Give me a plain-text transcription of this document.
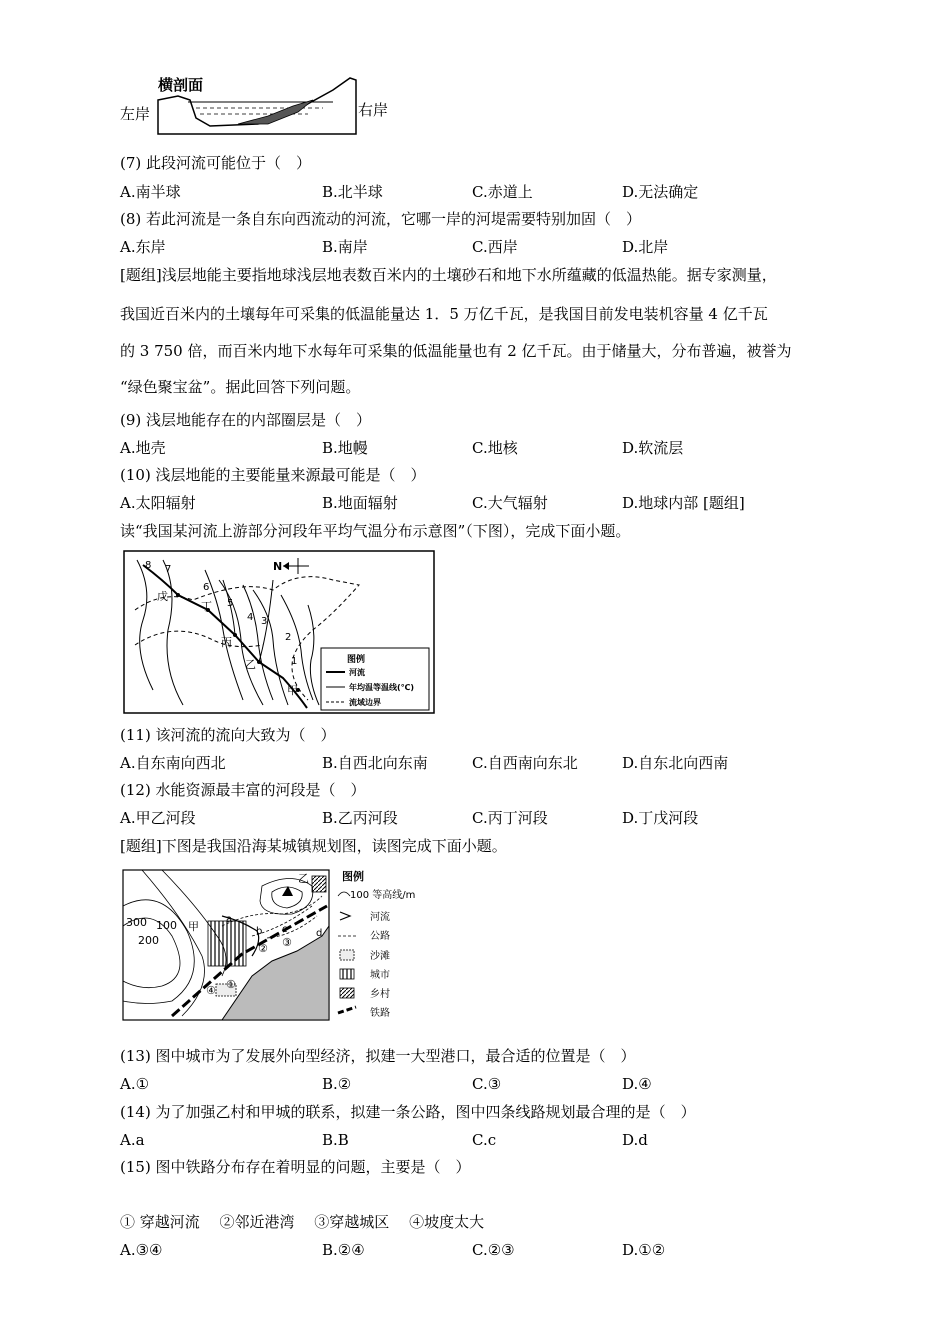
横剖面
左岸	右岸
(7) 此段河流可能位于（　）
A.南半球	B.北半球	C.赤道上	D.无法确定
(8) 若此河流是一条自东向西流动的河流，它哪一岸的河堤需要特别加固（　）
A.东岸	B.南岸	C.西岸	D.北岸
[题组]浅层地能主要指地球浅层地表数百米内的土壤砂石和地下水所蕴藏的低温热能。据专家测量，
我国近百米内的土壤每年可采集的低温能量达 1．5 万亿千瓦，是我国目前发电装机容量 4 亿千瓦
的 3 750 倍，而百米内地下水每年可采集的低温能量也有 2 亿千瓦。由于储量大，分布普遍，被誉为
“绿色聚宝盆”。据此回答下列问题。
(9) 浅层地能存在的内部圈层是（　）
A.地壳	B.地幔	C.地核	D.软流层
(10) 浅层地能的主要能量来源最可能是（　）
A.太阳辐射	B.地面辐射	C.大气辐射	D.地球内部 [题组]
读“我国某河流上游部分河段年平均气温分布示意图”（下图），完成下面小题。
8 7
6
5
4 3
2
1
戊
丁
丙
乙
甲
N
图例
河流
年均温等温线(℃)
流域边界
(11) 该河流的流向大致为（　）
A.自东南向西北	B.自西北向东南	C.自西南向东北	D.自东北向西南
(12) 水能资源最丰富的河段是（　）
A.甲乙河段	B.乙丙河段	C.丙丁河段	D.丁戊河段
[题组]下图是我国沿海某城镇规划图，读图完成下面小题。
300 100
200
甲
乙
a
b c	d
①
② ③
④
图例
100 等高线/m
河流
公路
沙滩
城市
乡村
铁路
(13) 图中城市为了发展外向型经济，拟建一大型港口，最合适的位置是（　）
A.①	B.②	C.③	D.④
(14) 为了加强乙村和甲城的联系，拟建一条公路，图中四条线路规划最合理的是（　）
A.a	B.B	C.c	D.d
(15) 图中铁路分布存在着明显的问题，主要是（　）
① 穿越河流　 ②邻近港湾　 ③穿越城区　 ④坡度太大
A.③④	B.②④	C.②③	D.①②
